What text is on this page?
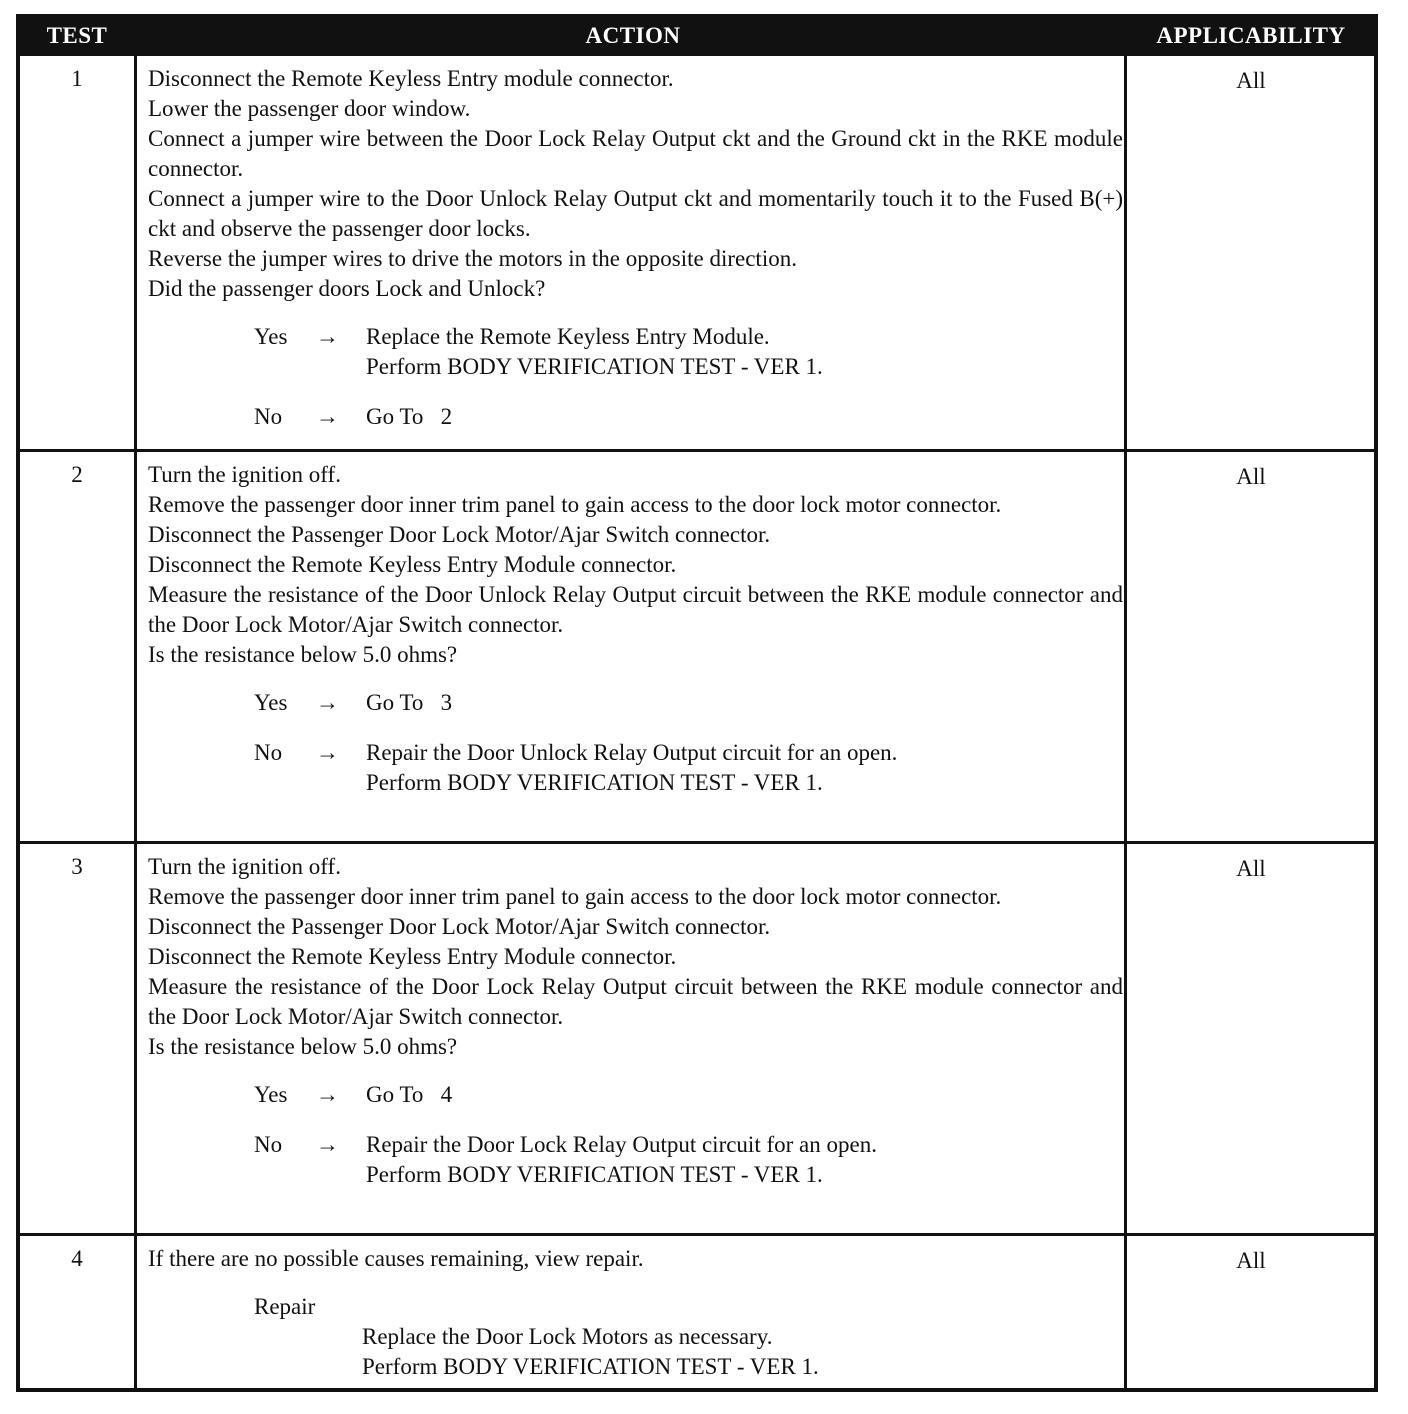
TEST	ACTION	APPLICABILITY
1	Disconnect the Remote Keyless Entry module connector.
Lower the passenger door window.
Connect a jumper wire between the Door Lock Relay Output ckt and the Ground ckt in the RKE module connector.
Connect a jumper wire to the Door Unlock Relay Output ckt and momentarily touch it to the Fused B(+) ckt and observe the passenger door locks.
Reverse the jumper wires to drive the motors in the opposite direction.
Did the passenger doors Lock and Unlock?
Yes → Replace the Remote Keyless Entry Module.
Perform BODY VERIFICATION TEST - VER 1.
No → Go To   2
All
2	Turn the ignition off.
Remove the passenger door inner trim panel to gain access to the door lock motor connector.
Disconnect the Passenger Door Lock Motor/Ajar Switch connector.
Disconnect the Remote Keyless Entry Module connector.
Measure the resistance of the Door Unlock Relay Output circuit between the RKE module connector and the Door Lock Motor/Ajar Switch connector.
Is the resistance below 5.0 ohms?
Yes → Go To   3
No → Repair the Door Unlock Relay Output circuit for an open.
Perform BODY VERIFICATION TEST - VER 1.
All
3	Turn the ignition off.
Remove the passenger door inner trim panel to gain access to the door lock motor connector.
Disconnect the Passenger Door Lock Motor/Ajar Switch connector.
Disconnect the Remote Keyless Entry Module connector.
Measure the resistance of the Door Lock Relay Output circuit between the RKE module connector and the Door Lock Motor/Ajar Switch connector.
Is the resistance below 5.0 ohms?
Yes → Go To   4
No → Repair the Door Lock Relay Output circuit for an open.
Perform BODY VERIFICATION TEST - VER 1.
All
4	If there are no possible causes remaining, view repair.
Repair
Replace the Door Lock Motors as necessary.
Perform BODY VERIFICATION TEST - VER 1.
All
